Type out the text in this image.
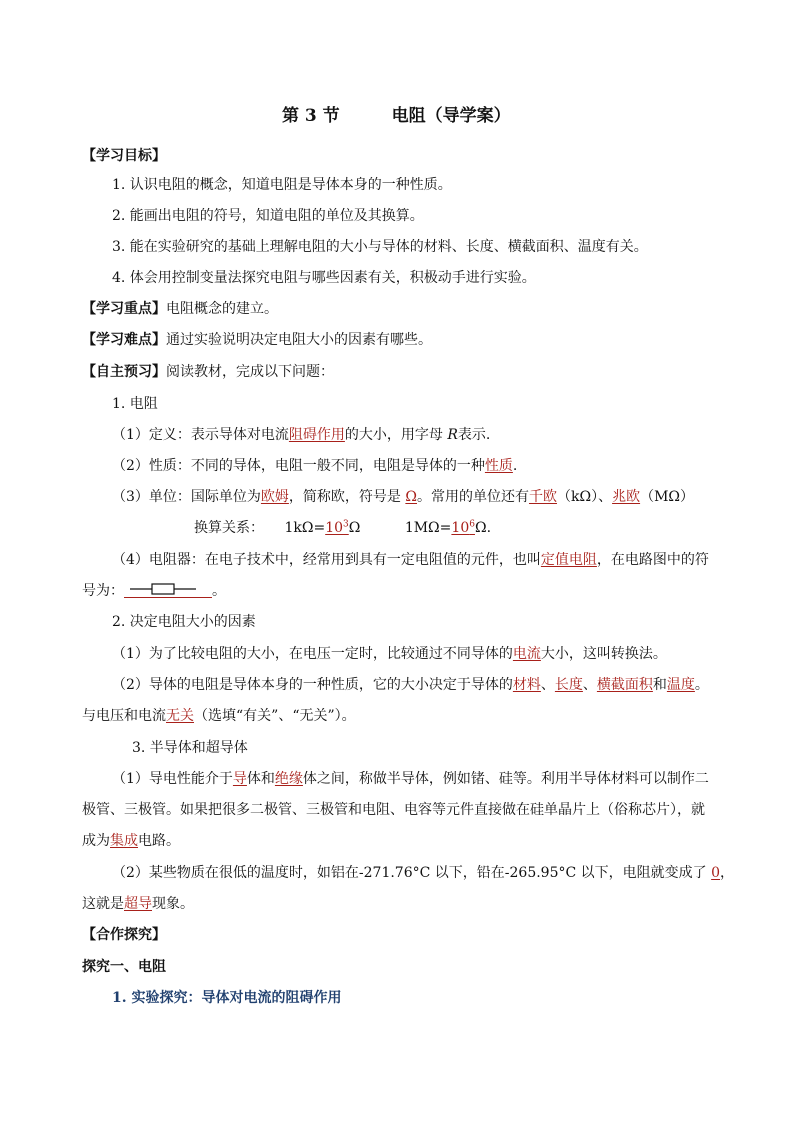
第 3 节	电阻（导学案）
【学习目标】
1. 认识电阻的概念，知道电阻是导体本身的一种性质。
2. 能画出电阻的符号，知道电阻的单位及其换算。
3. 能在实验研究的基础上理解电阻的大小与导体的材料、长度、横截面积、温度有关。
4. 体会用控制变量法探究电阻与哪些因素有关，积极动手进行实验。
【学习重点】电阻概念的建立。
【学习难点】通过实验说明决定电阻大小的因素有哪些。
【自主预习】阅读教材，完成以下问题：
1. 电阻
（1）定义：表示导体对电流阻碍作用的大小，用字母 R表示.
（2）性质：不同的导体，电阻一般不同，电阻是导体的一种性质.
（3）单位：国际单位为欧姆，简称欧，符号是 Ω。常用的单位还有千欧（kΩ）、兆欧（MΩ）
换算关系： $1k\Omega=10^3\Omega$	$1M\Omega=10^6\Omega$.
（4）电阻器：在电子技术中，经常用到具有一定电阻值的元件，也叫定值电阻，在电路图中的符
号为：	。
2. 决定电阻大小的因素
（1）为了比较电阻的大小，在电压一定时，比较通过不同导体的电流大小，这叫转换法。
（2）导体的电阻是导体本身的一种性质，它的大小决定于导体的材料、长度、横截面积和温度。
与电压和电流无关（选填“有关”、“无关”）。
3. 半导体和超导体
（1）导电性能介于导体和绝缘体之间，称做半导体，例如锗、硅等。利用半导体材料可以制作二
极管、三极管。如果把很多二极管、三极管和电阻、电容等元件直接做在硅单晶片上（俗称芯片），就
成为集成电路。
（2）某些物质在很低的温度时，如铝在-271.76°C 以下，铅在-265.95°C 以下，电阻就变成了 0，
这就是超导现象。
【合作探究】
探究一、电阻
1. 实验探究：导体对电流的阻碍作用
